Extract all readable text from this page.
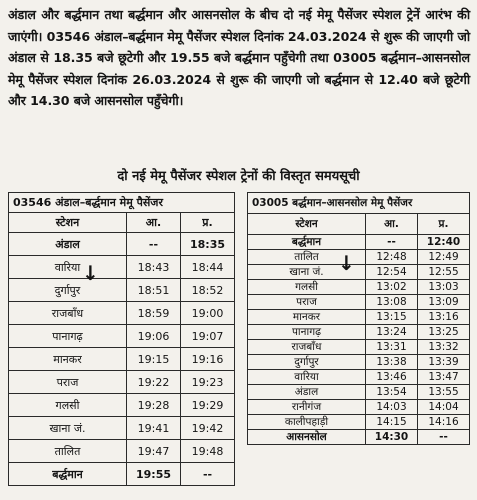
अंडाल और बर्द्धमान तथा बर्द्धमान और आसनसोल के बीच दो नई मेमू पैसेंजर स्पेशल ट्रेनें आरंभ की जाएंगी। 03546 अंडाल–बर्द्धमान मेमू पैसेंजर स्पेशल दिनांक 24.03.2024 से शुरू की जाएगी जो अंडाल से 18.35 बजे छूटेगी और 19.55 बजे बर्द्धमान पहुँचेगी तथा 03005 बर्द्धमान–आसनसोल मेमू पैसेंजर स्पेशल दिनांक 26.03.2024 से शुरू की जाएगी जो बर्द्धमान से 12.40 बजे छूटेगी और 14.30 बजे आसनसोल पहुँचेगी।
दो नई मेमू पैसेंजर स्पेशल ट्रेनों की विस्तृत समयसूची
03546 अंडाल–बर्द्धमान मेमू पैसेंजर		
स्टेशन	आ.	प्र.
अंडाल	--	18:35
वारिया	18:43	18:44
दुर्गापुर	18:51	18:52
राजबाँध	18:59	19:00
पानागढ़	19:06	19:07
मानकर	19:15	19:16
पराज	19:22	19:23
गलसी	19:28	19:29
खाना जं.	19:41	19:42
तालित	19:47	19:48
बर्द्धमान	19:55	--
↓
03005 बर्द्धमान–आसनसोल मेमू पैसेंजर		
स्टेशन	आ.	प्र.
बर्द्धमान	--	12:40
तालित	12:48	12:49
खाना जं.	12:54	12:55
गलसी	13:02	13:03
पराज	13:08	13:09
मानकर	13:15	13:16
पानागढ़	13:24	13:25
राजबाँध	13:31	13:32
दुर्गापुर	13:38	13:39
वारिया	13:46	13:47
अंडाल	13:54	13:55
रानीगंज	14:03	14:04
कालीपहाड़ी	14:15	14:16
आसनसोल	14:30	--
↓
